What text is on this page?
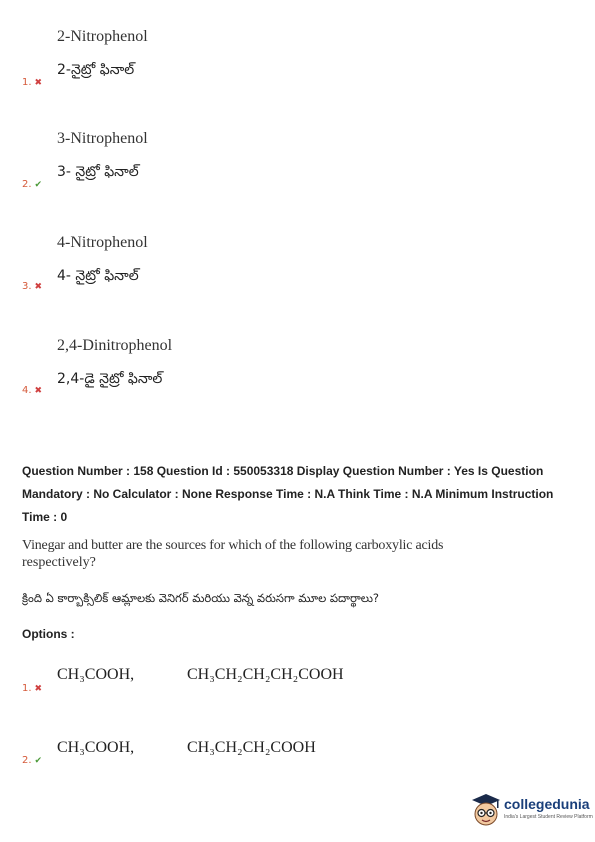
2-Nitrophenol
2-నైట్రో ఫినాల్
1. ✖
3-Nitrophenol
3- నైట్రో ఫినాల్
2. ✔
4-Nitrophenol
4- నైట్రో ఫినాల్
3. ✖
2,4-Dinitrophenol
2,4-డై నైట్రో ఫినాల్
4. ✖
Question Number : 158 Question Id : 550053318 Display Question Number : Yes Is Question
Mandatory : No Calculator : None Response Time : N.A Think Time : N.A Minimum Instruction
Time : 0
Vinegar and butter are the sources for which of the following carboxylic acids
respectively?
క్రింది ఏ కార్బాక్సిలిక్ ఆమ్లాలకు వెనిగర్ మరియు వెన్న వరుసగా మూల పదార్థాలు?
Options :
CH₃COOH,	CH₃CH₂CH₂CH₂COOH
1. ✖
CH₃COOH,	CH₃CH₂CH₂COOH
2. ✔
collegedunia
India's Largest Student Review Platform
